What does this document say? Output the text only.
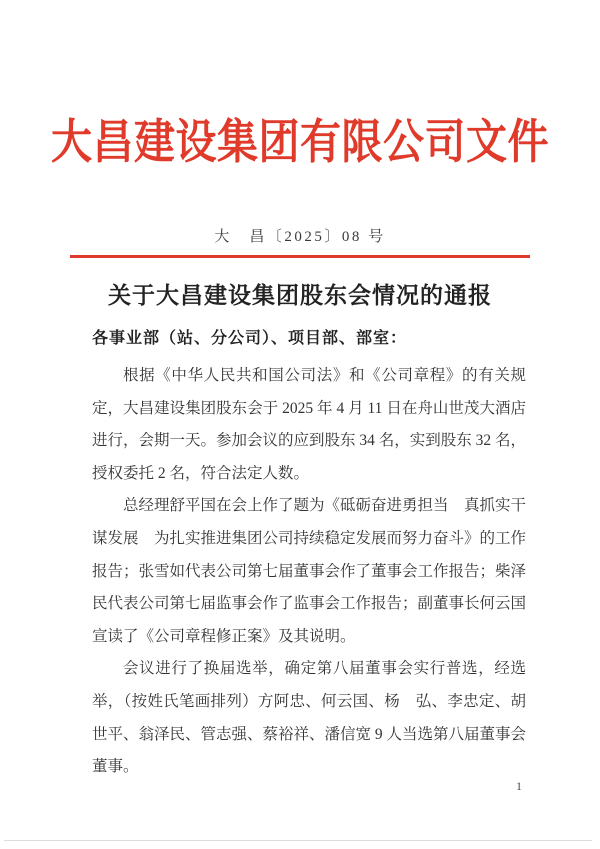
大昌建设集团有限公司文件
大　昌〔2025〕08 号
关于大昌建设集团股东会情况的通报
各事业部（站、分公司）、项目部、部室：

根据《中华人民共和国公司法》和《公司章程》的有关规定，大昌建设集团股东会于 2025 年 4 月 11 日在舟山世茂大酒店进行，会期一天。参加会议的应到股东 34 名，实到股东 32 名，授权委托 2 名，符合法定人数。

总经理舒平国在会上作了题为《砥砺奋进勇担当　真抓实干谋发展　为扎实推进集团公司持续稳定发展而努力奋斗》的工作报告；张雪如代表公司第七届董事会作了董事会工作报告；柴泽民代表公司第七届监事会作了监事会工作报告；副董事长何云国宣读了《公司章程修正案》及其说明。

会议进行了换届选举，确定第八届董事会实行普选，经选举，（按姓氏笔画排列）方阿忠、何云国、杨　弘、李忠定、胡世平、翁泽民、管志强、蔡裕祥、潘信宽 9 人当选第八届董事会董事。

1
